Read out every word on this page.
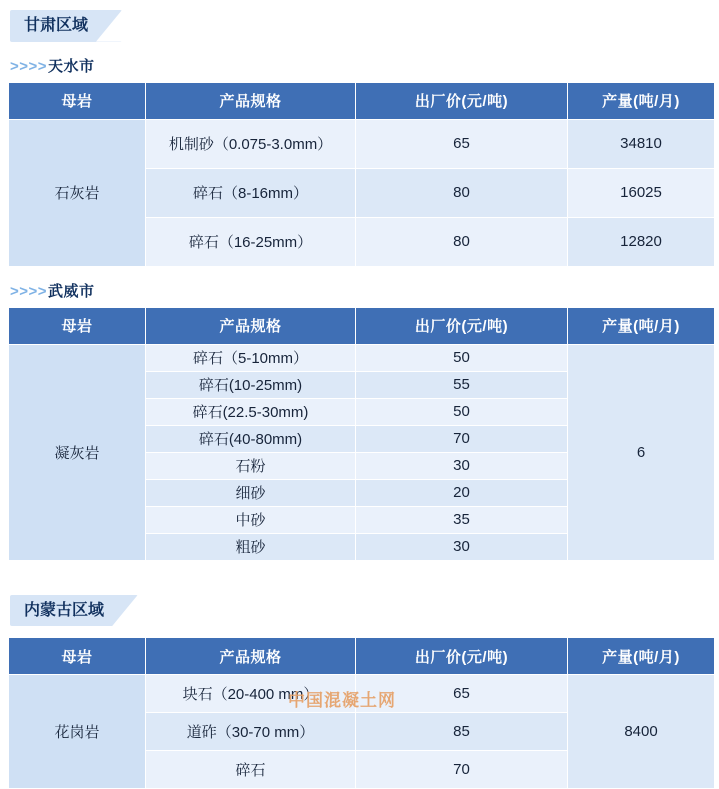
甘肃区域
>>>>天水市
母岩	产品规格	出厂价(元/吨)	产量(吨/月)
石灰岩	机制砂（0.075-3.0mm）	65	34810
	碎石（8-16mm）	80	16025
	碎石（16-25mm）	80	12820
>>>>武威市
母岩	产品规格	出厂价(元/吨)	产量(吨/月)
凝灰岩	碎石（5-10mm）	50	6
	碎石(10-25mm)	55	
	碎石(22.5-30mm)	50	
	碎石(40-80mm)	70	
	石粉	30	
	细砂	20	
	中砂	35	
	粗砂	30	
内蒙古区域
母岩	产品规格	出厂价(元/吨)	产量(吨/月)
花岗岩	块石（20-400 mm）	65	8400
	道砟（30-70 mm）	85	
	碎石	70	
中国混凝土网
